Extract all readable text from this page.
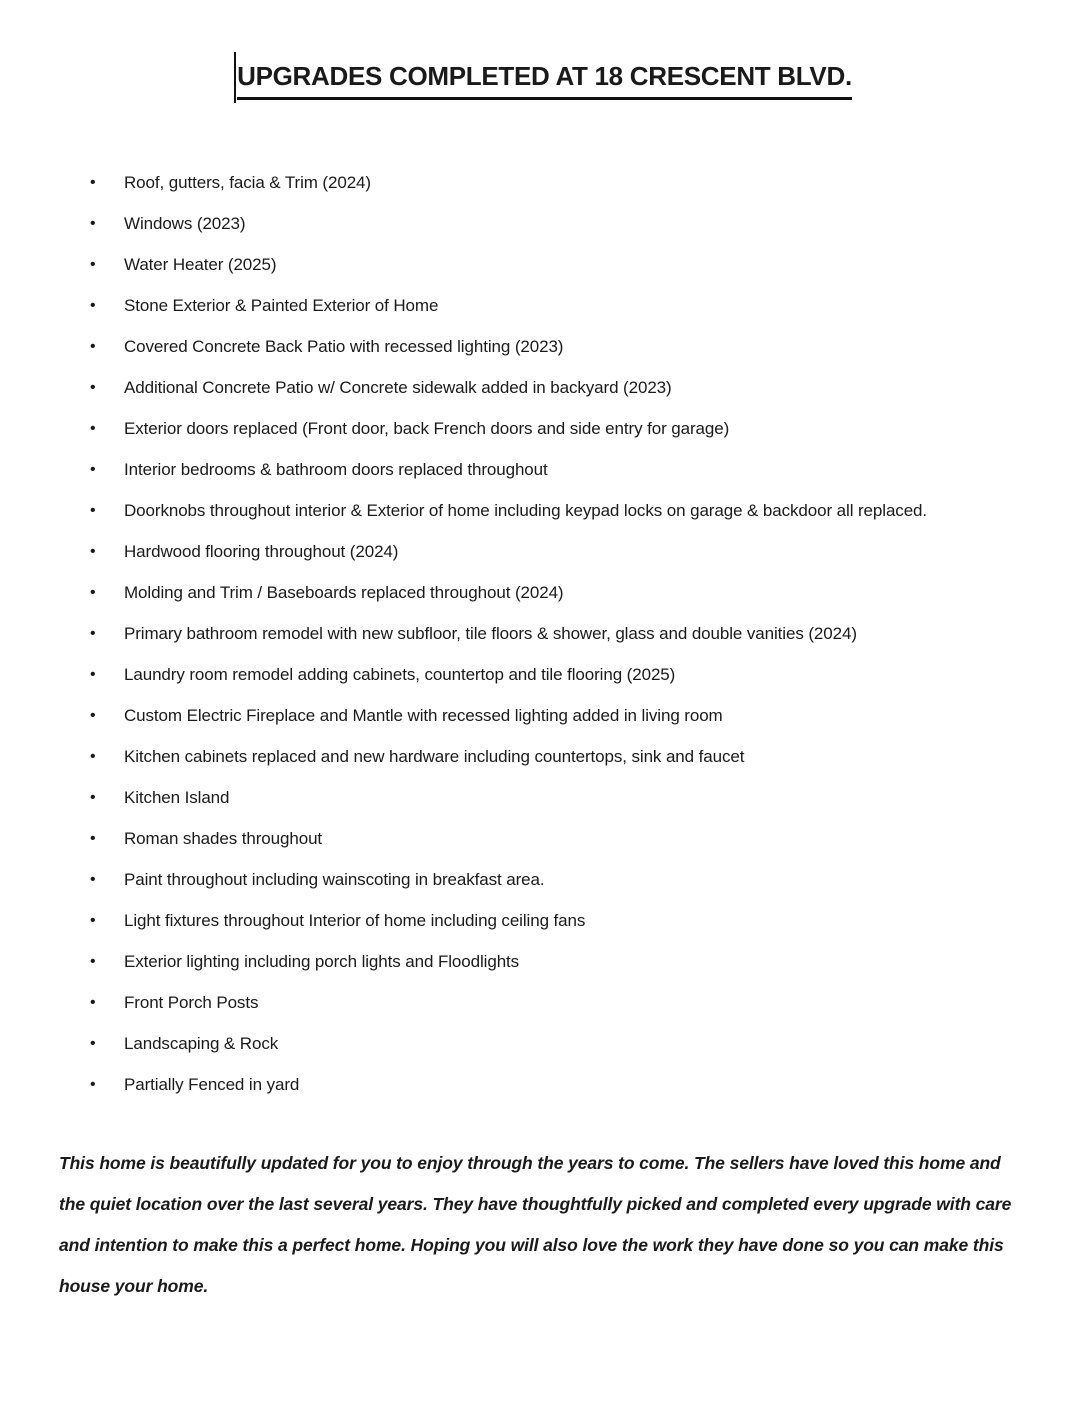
UPGRADES COMPLETED AT 18 CRESCENT BLVD.
•	Roof, gutters, facia & Trim (2024)
•	Windows (2023)
•	Water Heater (2025)
•	Stone Exterior & Painted Exterior of Home
•	Covered Concrete Back Patio with recessed lighting (2023)
•	Additional Concrete Patio w/ Concrete sidewalk added in backyard (2023)
•	Exterior doors replaced (Front door, back French doors and side entry for garage)
•	Interior bedrooms & bathroom doors replaced throughout
•	Doorknobs throughout interior & Exterior of home including keypad locks on garage & backdoor all replaced.
•	Hardwood flooring throughout (2024)
•	Molding and Trim / Baseboards replaced throughout (2024)
•	Primary bathroom remodel with new subfloor, tile floors & shower, glass and double vanities (2024)
•	Laundry room remodel adding cabinets, countertop and tile flooring (2025)
•	Custom Electric Fireplace and Mantle with recessed lighting added in living room
•	Kitchen cabinets replaced and new hardware including countertops, sink and faucet
•	Kitchen Island
•	Roman shades throughout
•	Paint throughout including wainscoting in breakfast area.
•	Light fixtures throughout Interior of home including ceiling fans
•	Exterior lighting including porch lights and Floodlights
•	Front Porch Posts
•	Landscaping & Rock
•	Partially Fenced in yard

This home is beautifully updated for you to enjoy through the years to come. The sellers have loved this home and the quiet location over the last several years. They have thoughtfully picked and completed every upgrade with care and intention to make this a perfect home. Hoping you will also love the work they have done so you can make this house your home.
